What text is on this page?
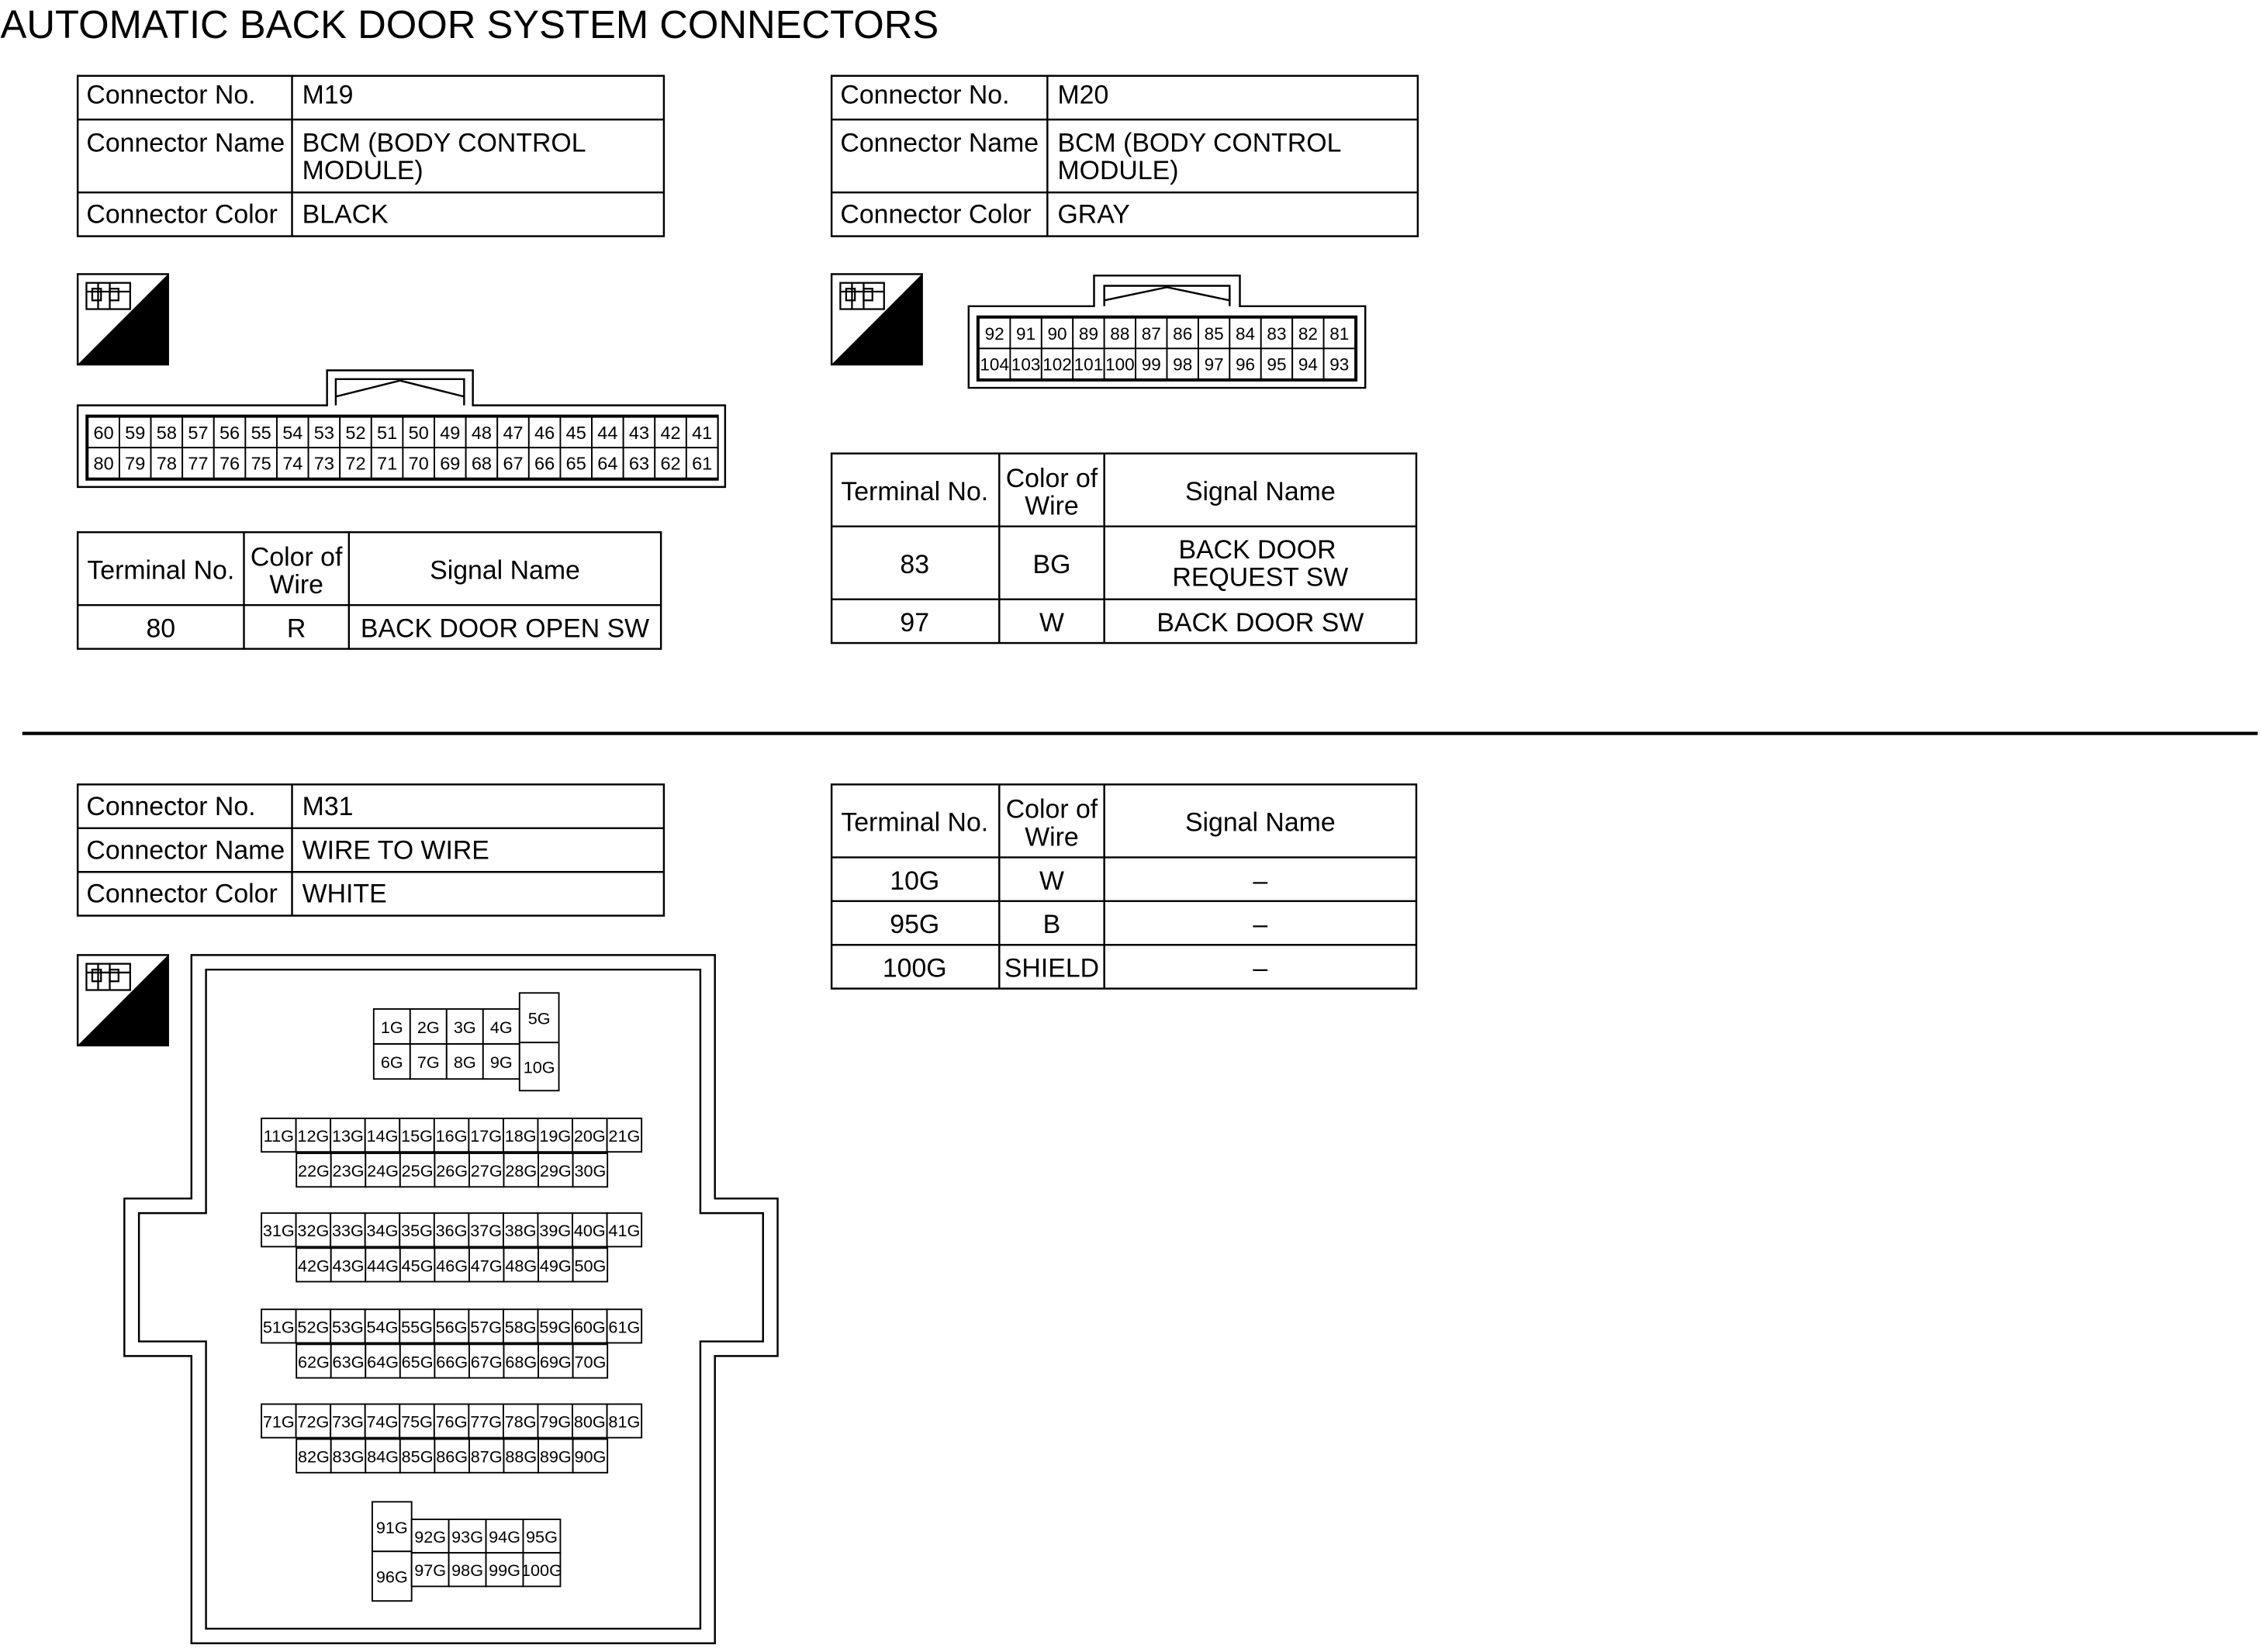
AUTOMATIC BACK DOOR SYSTEM CONNECTORS
Connector No.	M19
Connector Name BCM (BODY CONTROL
MODULE)
Connector Color BLACK
H.S.
60 59 58 57 56 55 54 53 52 51 50 49 48 47 46 45 44 43 42 41
80 79 78 77 76 75 74 73 72 71 70 69 68 67 66 65 64 63 62 61
Terminal No. Color of
Wire	Signal Name
80	R	BACK DOOR OPEN SW
Connector No.	M20
Connector Name BCM (BODY CONTROL
MODULE)
Connector Color GRAY
H.S.
92 91 90 89 88 87 86 85 84 83 82 81
104 103 102 101 100 99 98 97 96 95 94 93
Terminal No. Color of
Wire	Signal Name
83	BG	BACK DOOR
REQUEST SW
97	W	BACK DOOR SW
Connector No.	M31
Connector Name WIRE TO WIRE
Connector Color WHITE
Terminal No. Color of
Wire	Signal Name
10G	W	–
95G	B	–
100G	SHIELD	–
H.S.	1G 2G 3G 4G
6G 7G 8G 9G
5G
10G
11G 12G 13G 14G 15G 16G 17G 18G 19G 20G 21G
22G 23G 24G 25G 26G 27G 28G 29G 30G
31G 32G 33G 34G 35G 36G 37G 38G 39G 40G 41G
42G 43G 44G 45G 46G 47G 48G 49G 50G
51G 52G 53G 54G 55G 56G 57G 58G 59G 60G 61G
62G 63G 64G 65G 66G 67G 68G 69G 70G
71G 72G 73G 74G 75G 76G 77G 78G 79G 80G 81G
82G 83G 84G 85G 86G 87G 88G 89G 90G
91G
96G
92G 93G 94G 95G
97G 98G 99G 100G
